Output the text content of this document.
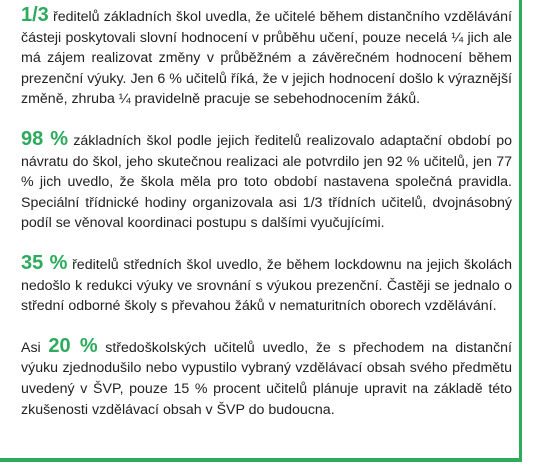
1/3 ředitelů základních škol uvedla, že učitelé během distančního vzdělávání částeji poskytovali slovní hodnocení v průběhu učení, pouze necelá ¼ jich ale má zájem realizovat změny v průběžném a závěrečném hodnocení během prezenční výuky. Jen 6 % učitelů říká, že v jejich hodnocení došlo k výraznější změně, zhruba ¼ pravidelně pracuje se sebehodnocením žáků.

98 % základních škol podle jejich ředitelů realizovalo adaptační období po návratu do škol, jeho skutečnou realizaci ale potvrdilo jen 92 % učitelů, jen 77 % jich uvedlo, že škola měla pro toto období nastavena společná pravidla. Speciální třídnické hodiny organizovala asi 1/3 třídních učitelů, dvojnásobný podíl se věnoval koordinaci postupu s dalšími vyučujícími.

35 % ředitelů středních škol uvedlo, že během lockdownu na jejich školách nedošlo k redukci výuky ve srovnání s výukou prezenční. Častěji se jednalo o střední odborné školy s převahou žáků v nematuritních oborech vzdělávání.

Asi 20 % středoškolských učitelů uvedlo, že s přechodem na distanční výuku zjednodušilo nebo vypustilo vybraný vzdělávací obsah svého předmětu uvedený v ŠVP, pouze 15 % procent učitelů plánuje upravit na základě této zkušenosti vzdělávací obsah v ŠVP do budoucna.
